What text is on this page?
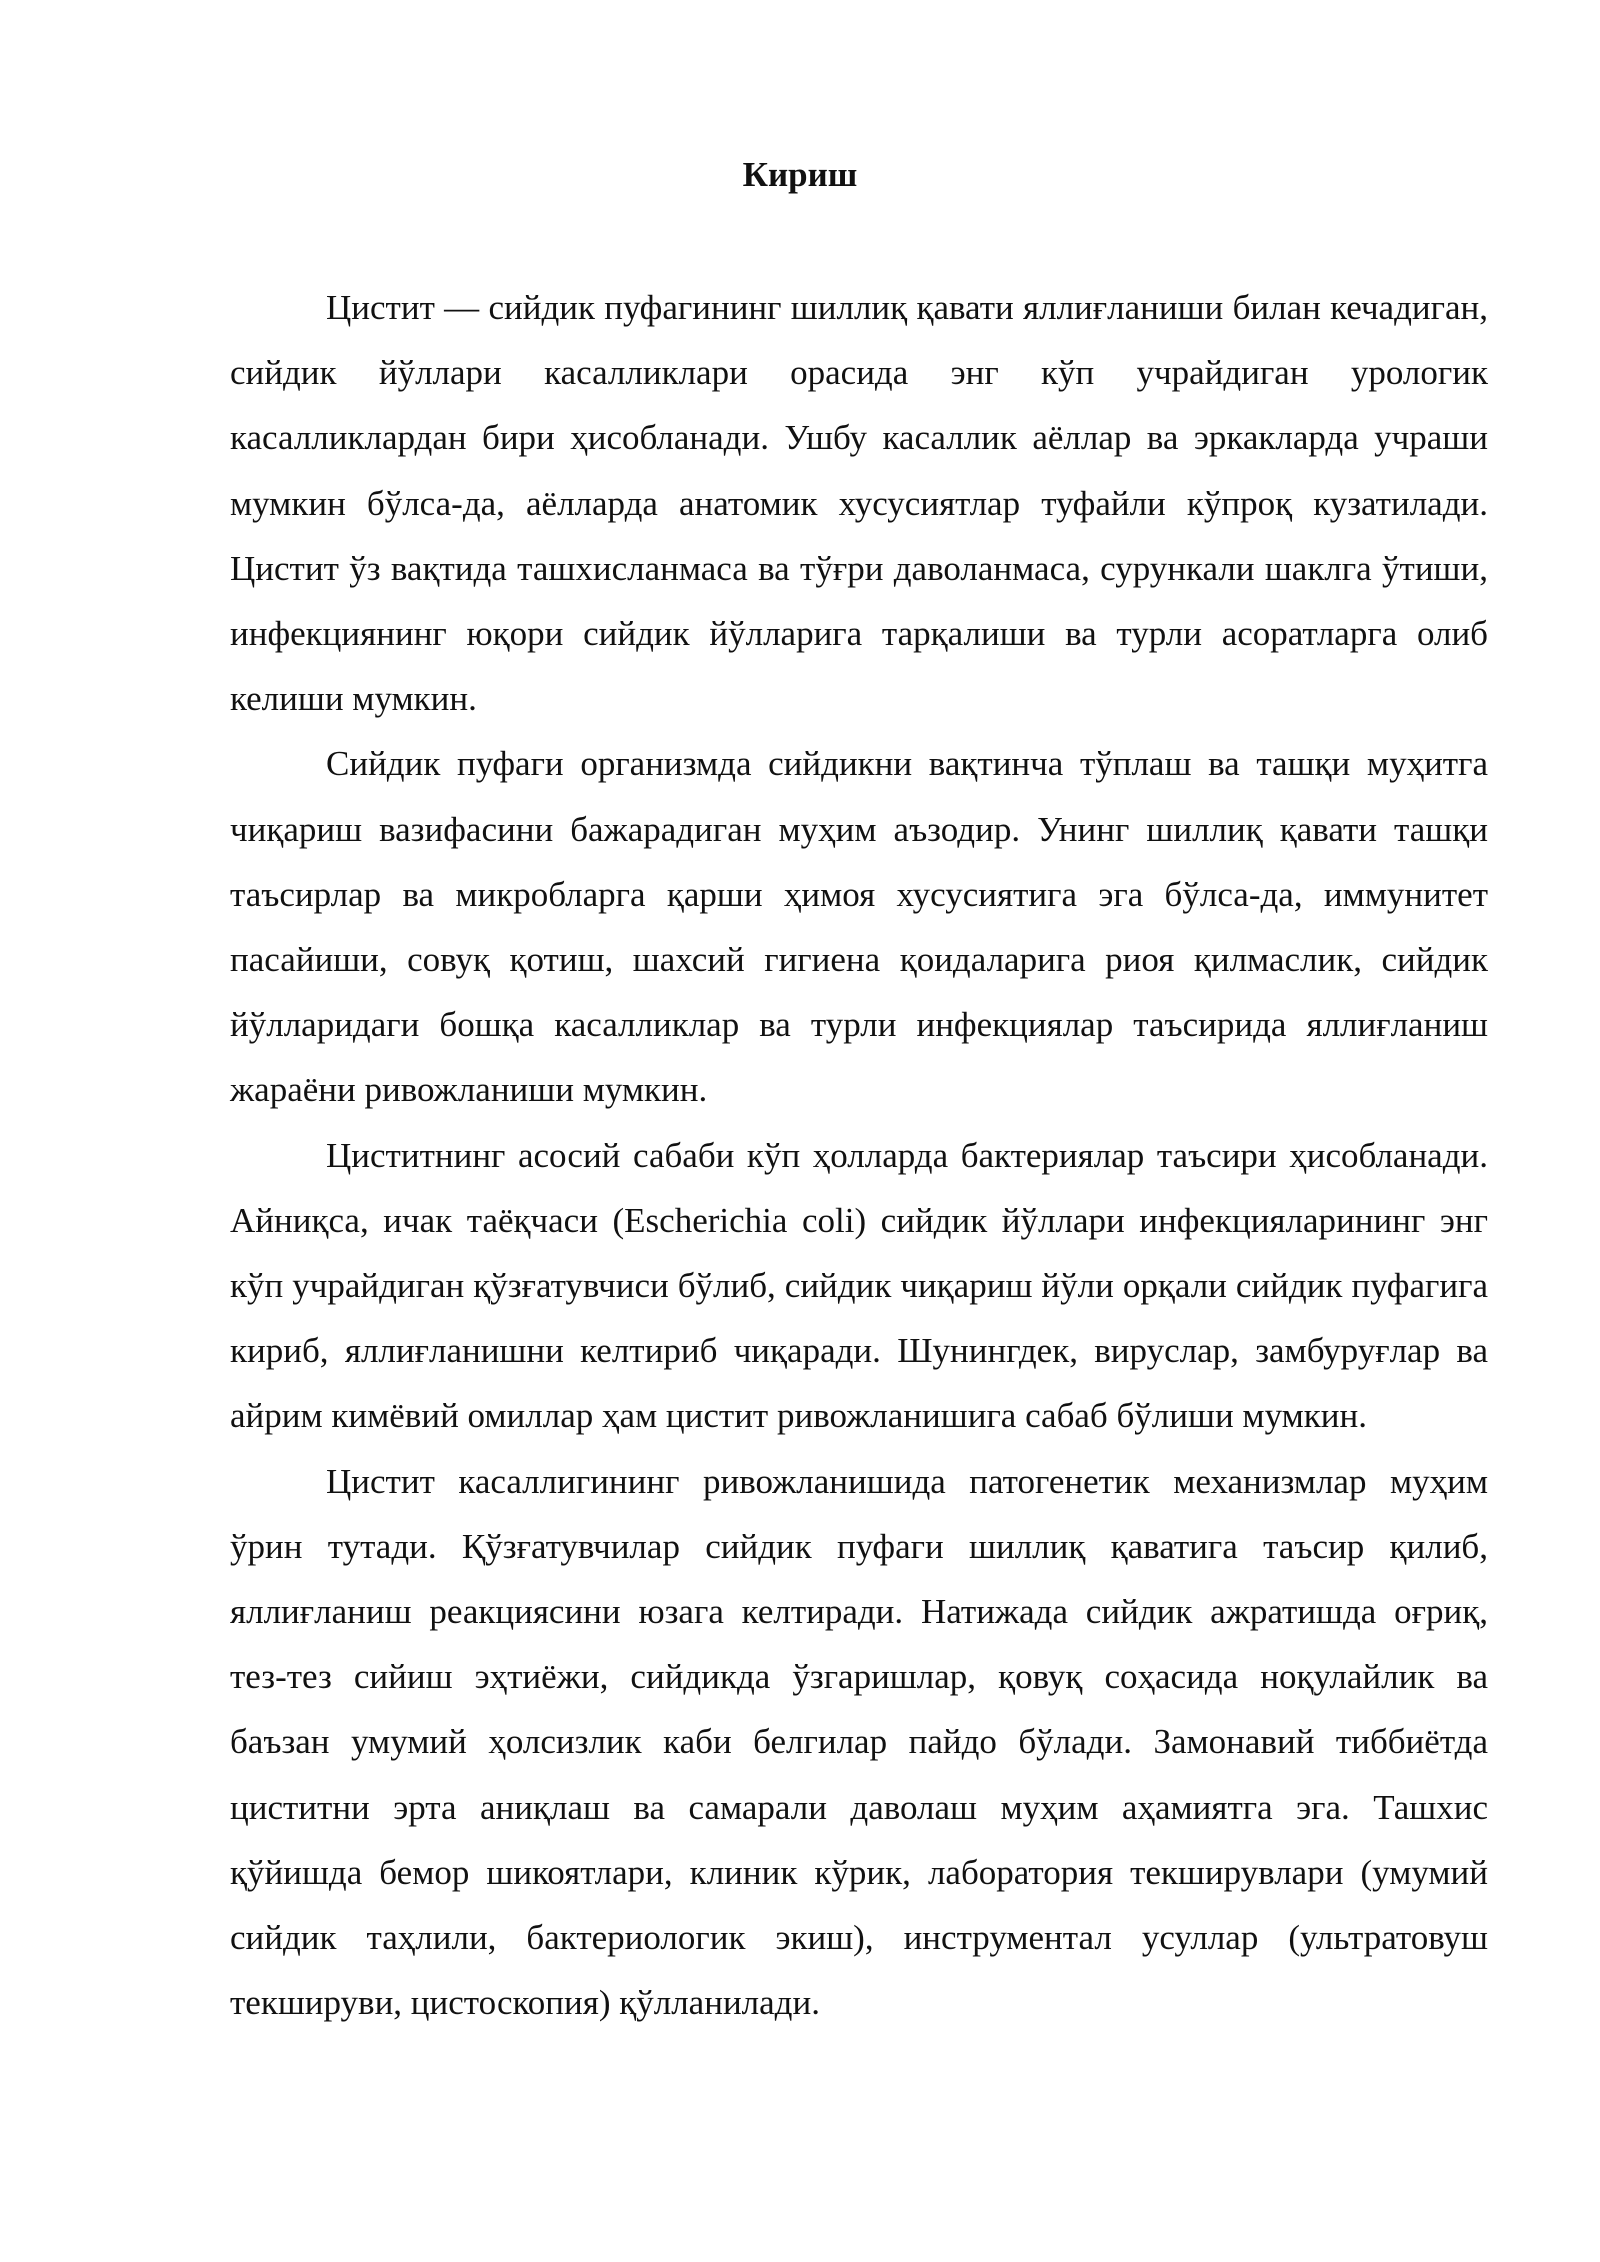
Кириш

Цистит — сийдик пуфагининг шиллиқ қавати яллиғланиши билан кечадиган, сийдик йўллари касалликлари орасида энг кўп учрайдиган урологик касалликлардан бири ҳисобланади. Ушбу касаллик аёллар ва эркакларда учраши мумкин бўлса-да, аёлларда анатомик хусусиятлар туфайли кўпроқ кузатилади. Цистит ўз вақтида ташхисланмаса ва тўғри даволанмаса, сурункали шаклга ўтиши, инфекциянинг юқори сийдик йўлларига тарқалиши ва турли асоратларга олиб келиши мумкин.

Сийдик пуфаги организмда сийдикни вақтинча тўплаш ва ташқи муҳитга чиқариш вазифасини бажарадиган муҳим аъзодир. Унинг шиллиқ қавати ташқи таъсирлар ва микробларга қарши ҳимоя хусусиятига эга бўлса-да, иммунитет пасайиши, совуқ қотиш, шахсий гигиена қоидаларига риоя қилмаслик, сийдик йўлларидаги бошқа касалликлар ва турли инфекциялар таъсирида яллиғланиш жараёни ривожланиши мумкин.

Циститнинг асосий сабаби кўп ҳолларда бактериялар таъсири ҳисобланади. Айниқса, ичак таёқчаси (Escherichia coli) сийдик йўллари инфекцияларининг энг кўп учрайдиган қўзғатувчиси бўлиб, сийдик чиқариш йўли орқали сийдик пуфагига кириб, яллиғланишни келтириб чиқаради. Шунингдек, вируслар, замбуруғлар ва айрим кимёвий омиллар ҳам цистит ривожланишига сабаб бўлиши мумкин.

Цистит касаллигининг ривожланишида патогенетик механизмлар муҳим ўрин тутади. Қўзғатувчилар сийдик пуфаги шиллиқ қаватига таъсир қилиб, яллиғланиш реакциясини юзага келтиради. Натижада сийдик ажратишда оғриқ, тез-тез сийиш эҳтиёжи, сийдикда ўзгаришлар, қовуқ соҳасида ноқулайлик ва баъзан умумий ҳолсизлик каби белгилар пайдо бўлади. Замонавий тиббиётда циститни эрта аниқлаш ва самарали даволаш муҳим аҳамиятга эга. Ташхис қўйишда бемор шикоятлари, клиник кўрик, лаборатория текширувлари (умумий сийдик таҳлили, бактериологик экиш), инструментал усуллар (ультратовуш текшируви, цистоскопия) қўлланилади.
